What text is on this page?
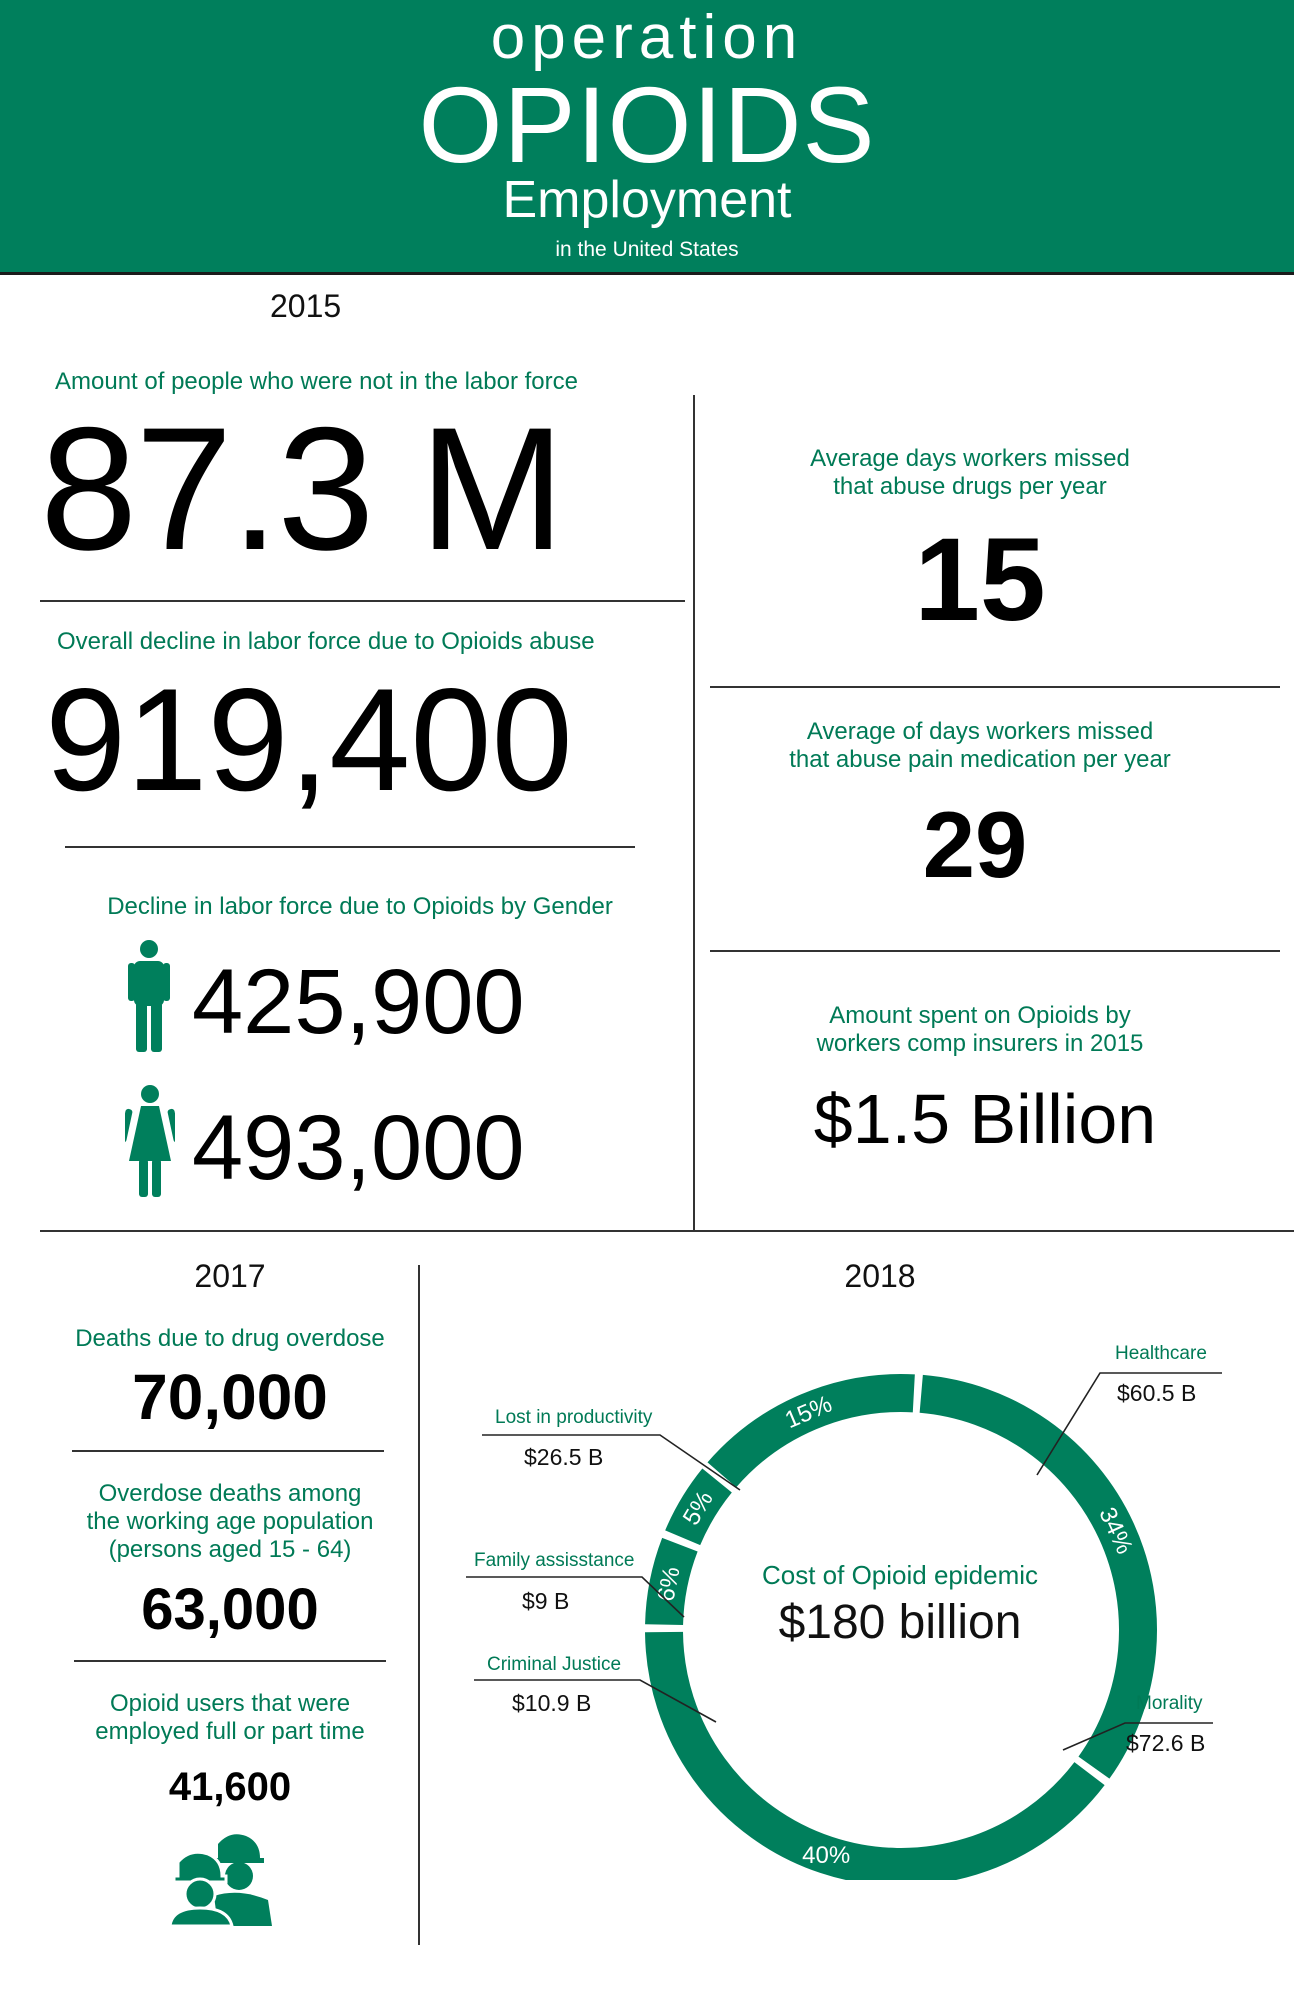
operation
OPIOIDS
Employment
in the United States
2015
Amount of people who were not in the labor force
87.3 M
Overall decline in labor force due to Opioids abuse
919,400
Decline in labor force due to Opioids by Gender
425,900
493,000
Average days workers missed
that abuse drugs per year
15
Average of days workers missed
that abuse pain medication per year
29
Amount spent on Opioids by
workers comp insurers in 2015
$1.5 Billion
2017
Deaths due to drug overdose
70,000
Overdose deaths among
the working age population
(persons aged 15 - 64)
63,000
Opioid users that were
employed full or part time
41,600
2018
34%
40%
6%
5%
15%
Cost of Opioid epidemic
$180 billion
Healthcare
$60.5 B
Morality
$72.6 B
Criminal Justice
$10.9 B
Family assisstance
$9 B
Lost in productivity
$26.5 B
